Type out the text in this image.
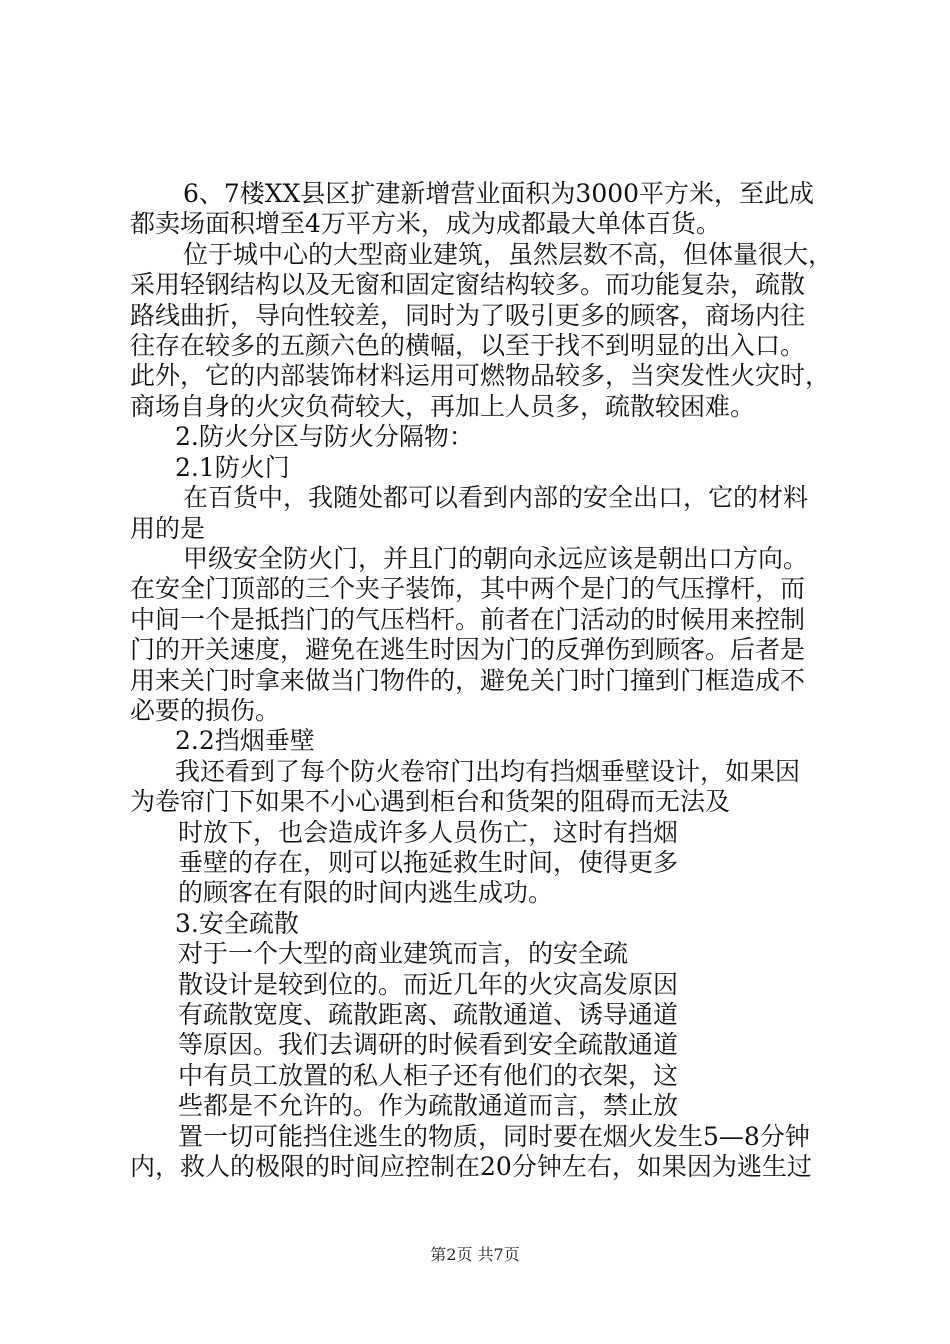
6、7楼XX县区扩建新增营业面积为3000平方米，至此成
都卖场面积增至4万平方米，成为成都最大单体百货。
位于城中心的大型商业建筑，虽然层数不高，但体量很大，
采用轻钢结构以及无窗和固定窗结构较多。而功能复杂，疏散
路线曲折，导向性较差，同时为了吸引更多的顾客，商场内往
往存在较多的五颜六色的横幅，以至于找不到明显的出入口。
此外，它的内部装饰材料运用可燃物品较多，当突发性火灾时，
商场自身的火灾负荷较大，再加上人员多，疏散较困难。
2.防火分区与防火分隔物：
2.1防火门
在百货中，我随处都可以看到内部的安全出口，它的材料
用的是
甲级安全防火门，并且门的朝向永远应该是朝出口方向。
在安全门顶部的三个夹子装饰，其中两个是门的气压撑杆，而
中间一个是抵挡门的气压档杆。前者在门活动的时候用来控制
门的开关速度，避免在逃生时因为门的反弹伤到顾客。后者是
用来关门时拿来做当门物件的，避免关门时门撞到门框造成不
必要的损伤。
2.2挡烟垂壁
我还看到了每个防火卷帘门出均有挡烟垂壁设计，如果因
为卷帘门下如果不小心遇到柜台和货架的阻碍而无法及
时放下，也会造成许多人员伤亡，这时有挡烟
垂壁的存在，则可以拖延救生时间，使得更多
的顾客在有限的时间内逃生成功。
3.安全疏散
对于一个大型的商业建筑而言，的安全疏
散设计是较到位的。而近几年的火灾高发原因
有疏散宽度、疏散距离、疏散通道、诱导通道
等原因。我们去调研的时候看到安全疏散通道
中有员工放置的私人柜子还有他们的衣架，这
些都是不允许的。作为疏散通道而言，禁止放
置一切可能挡住逃生的物质，同时要在烟火发生5—8分钟
内，救人的极限的时间应控制在20分钟左右，如果因为逃生过
第2页 共7页
